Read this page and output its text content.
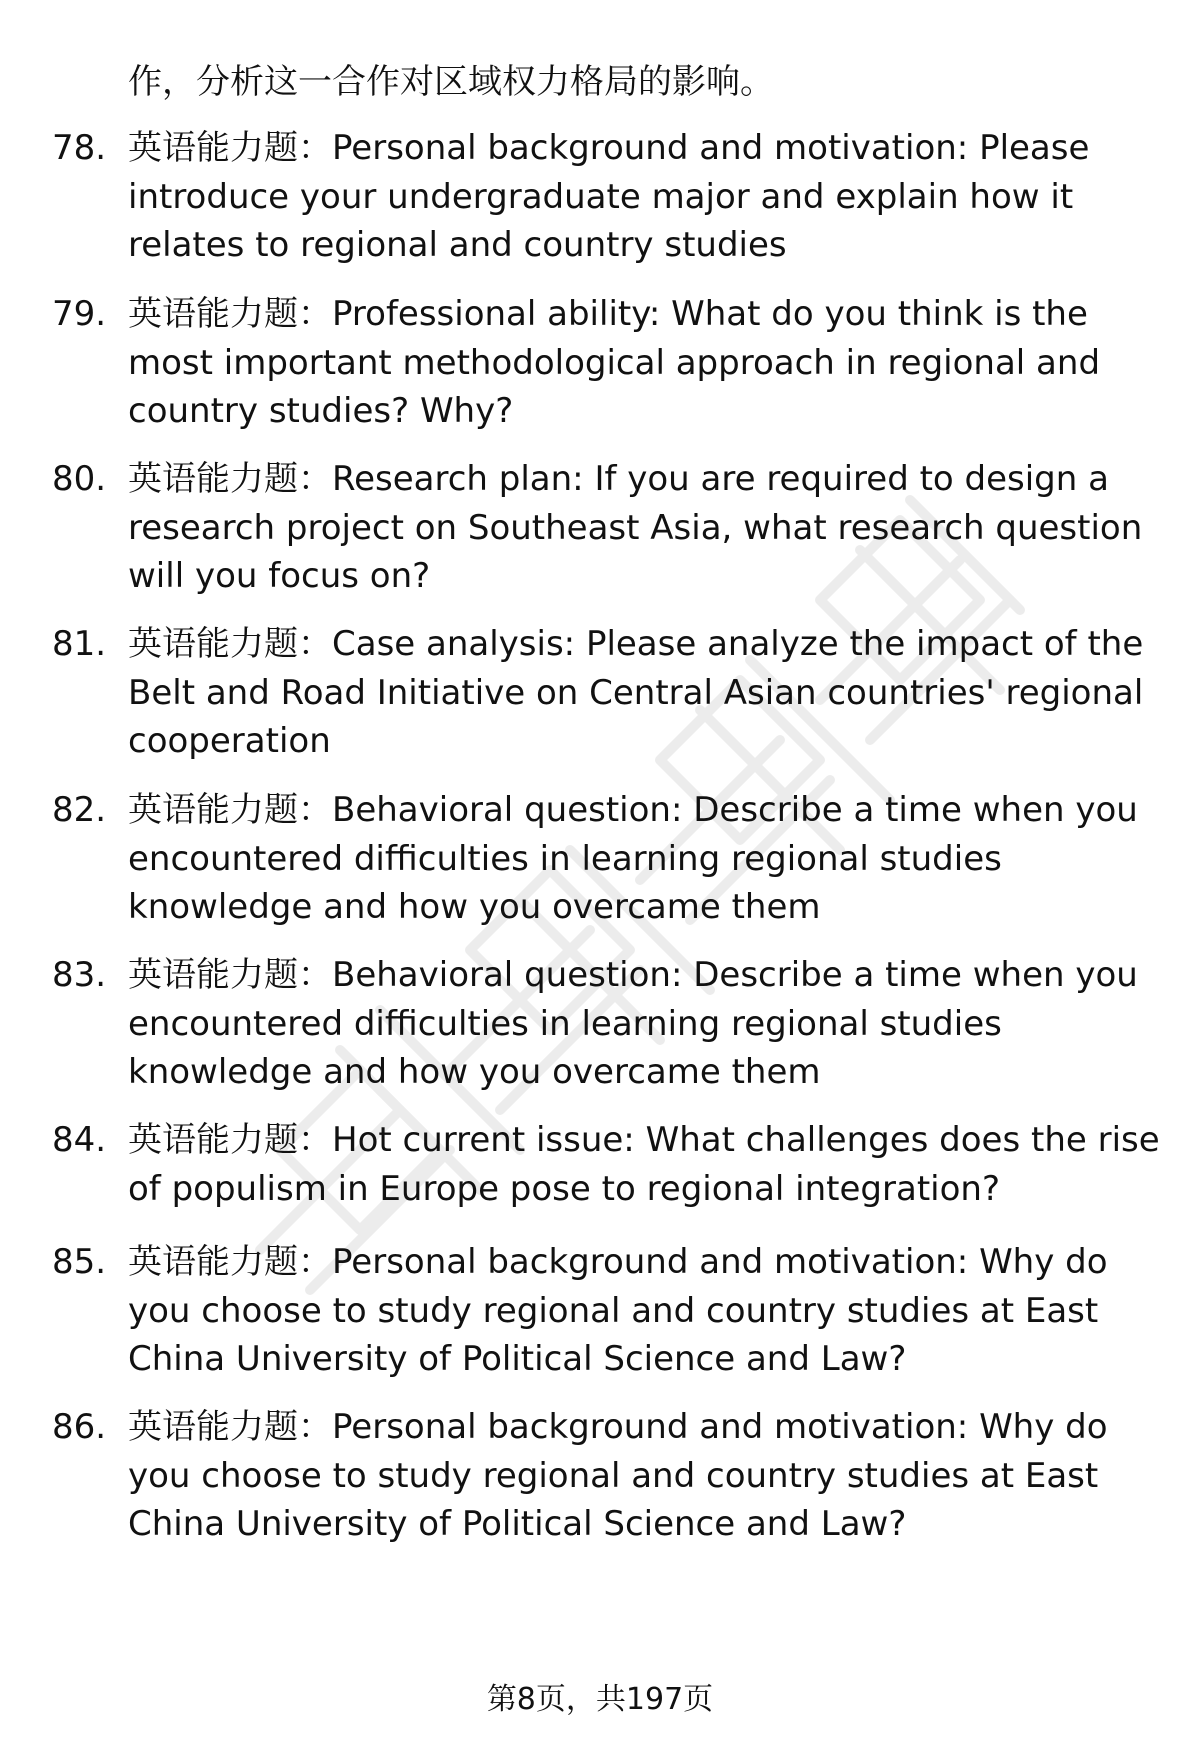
作，分析这一合作对区域权力格局的影响。
78. 英语能力题：Personal background and motivation: Please introduce your undergraduate major and explain how it relates to regional and country studies
79. 英语能力题：Professional ability: What do you think is the most important methodological approach in regional and country studies? Why?
80. 英语能力题：Research plan: If you are required to design a research project on Southeast Asia, what research question will you focus on?
81. 英语能力题：Case analysis: Please analyze the impact of the Belt and Road Initiative on Central Asian countries' regional cooperation
82. 英语能力题：Behavioral question: Describe a time when you encountered difficulties in learning regional studies knowledge and how you overcame them
83. 英语能力题：Behavioral question: Describe a time when you encountered difficulties in learning regional studies knowledge and how you overcame them
84. 英语能力题：Hot current issue: What challenges does the rise of populism in Europe pose to regional integration?
85. 英语能力题：Personal background and motivation: Why do you choose to study regional and country studies at East China University of Political Science and Law?
86. 英语能力题：Personal background and motivation: Why do you choose to study regional and country studies at East China University of Political Science and Law?
第8页，共197页
